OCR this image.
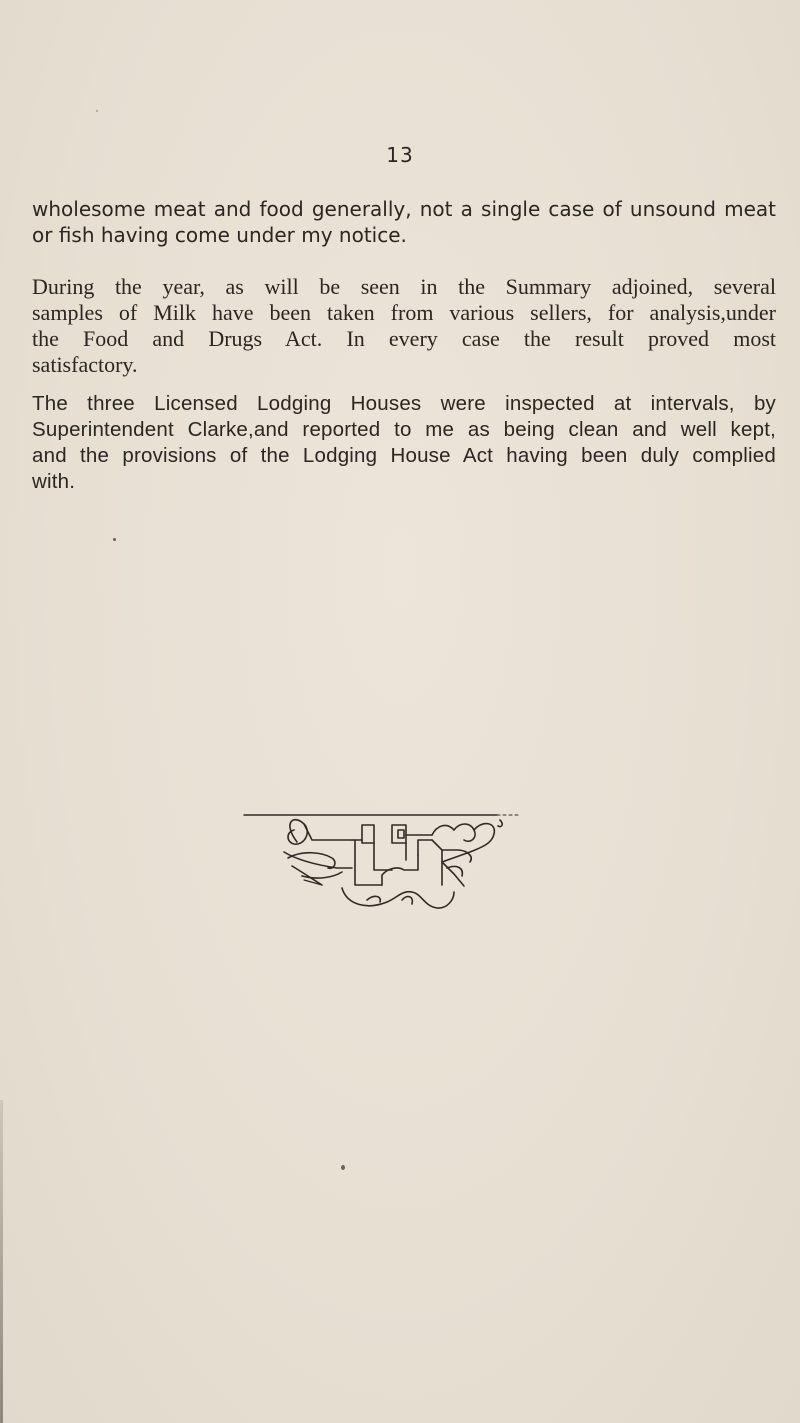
13

wholesome meat and food generally, not a single case of unsound meat
or fish having come under my notice.

During the year, as will be seen in the Summary adjoined, several
samples of Milk have been taken from various sellers, for analysis,under
the Food and Drugs Act. In every case the result proved most
satisfactory.

The three Licensed Lodging Houses were inspected at intervals, by
Superintendent Clarke,and reported to me as being clean and well kept,
and the provisions of the Lodging House Act having been duly complied
with.
